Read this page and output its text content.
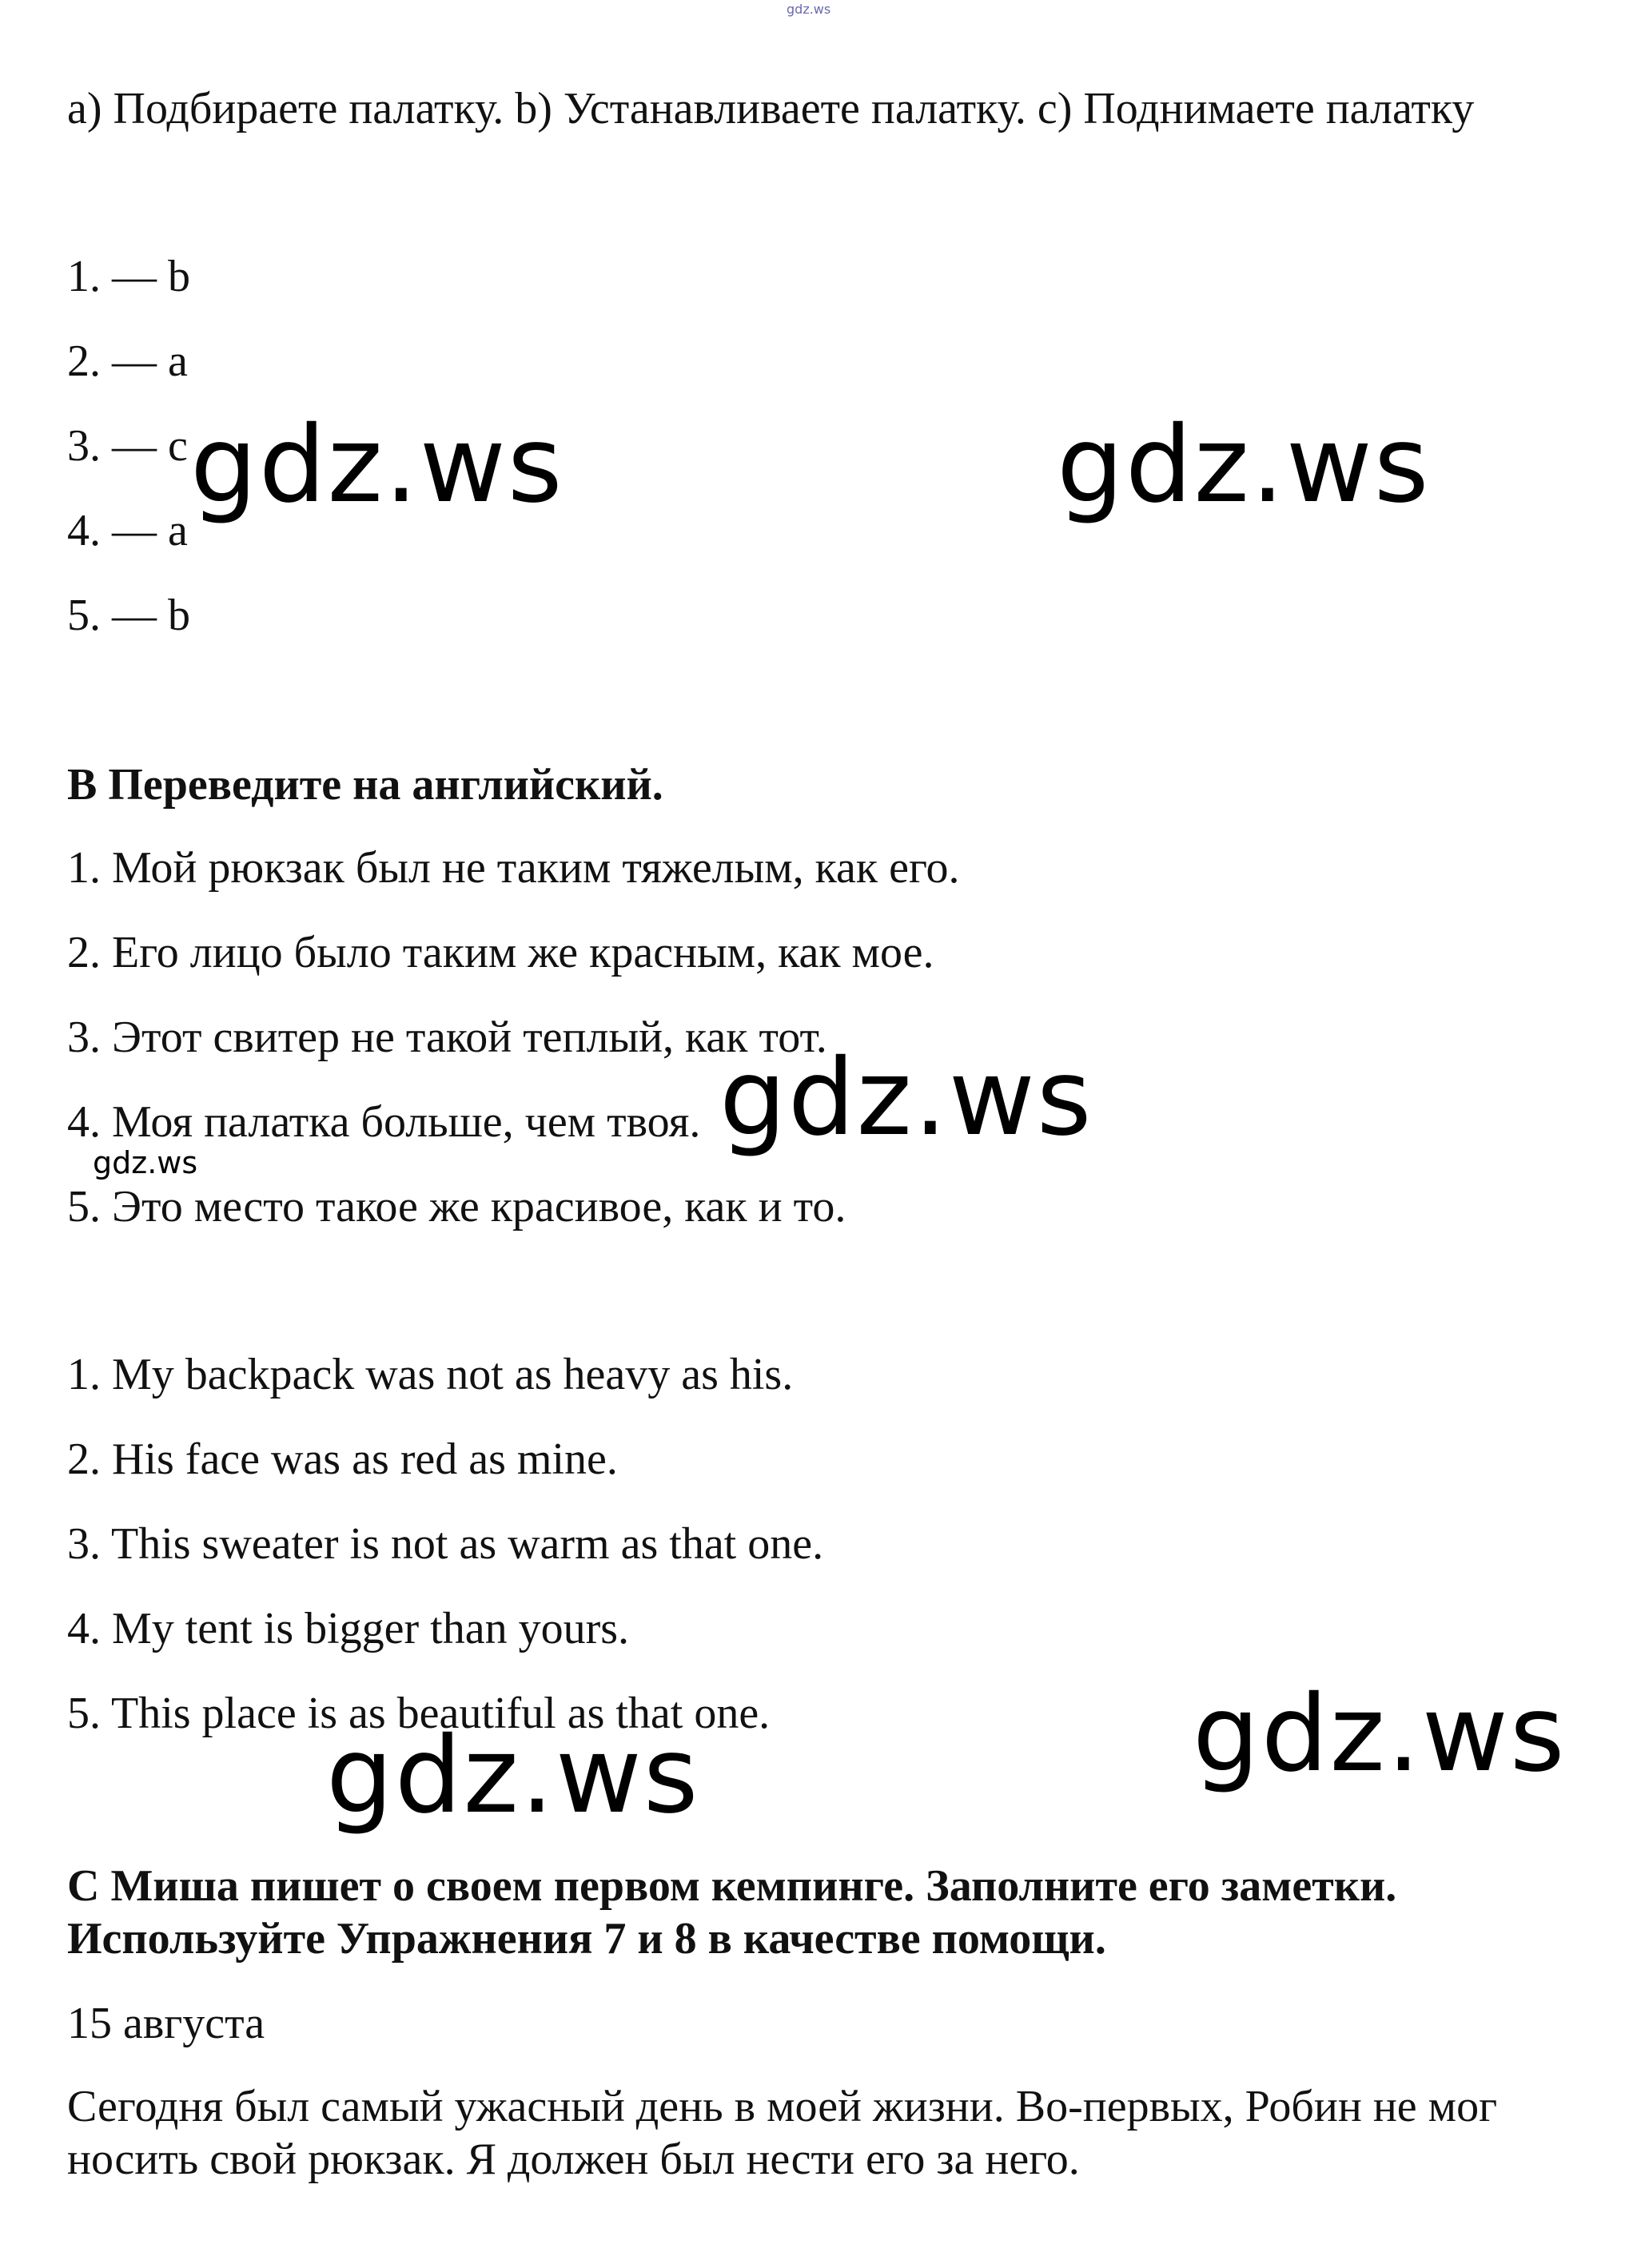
gdz.ws
a) Подбираете палатку. b) Устанавливаете палатку. c) Поднимаете палатку
1. — b
2. — a
3. — c
4. — a
5. — b
B Переведите на английский.
1. Мой рюкзак был не таким тяжелым, как его.
2. Его лицо было таким же красным, как мое.
3. Этот свитер не такой теплый, как тот.
4. Моя палатка больше, чем твоя.
5. Это место такое же красивое, как и то.
1. My backpack was not as heavy as his.
2. His face was as red as mine.
3. This sweater is not as warm as that one.
4. My tent is bigger than yours.
5. This place is as beautiful as that one.
C Миша пишет о своем первом кемпинге. Заполните его заметки.
Используйте Упражнения 7 и 8 в качестве помощи.
15 августа
Сегодня был самый ужасный день в моей жизни. Во-первых, Робин не мог
носить свой рюкзак. Я должен был нести его за него.
gdz.ws	gdz.ws
gdz.ws
gdz.ws
gdz.ws
gdz.ws
